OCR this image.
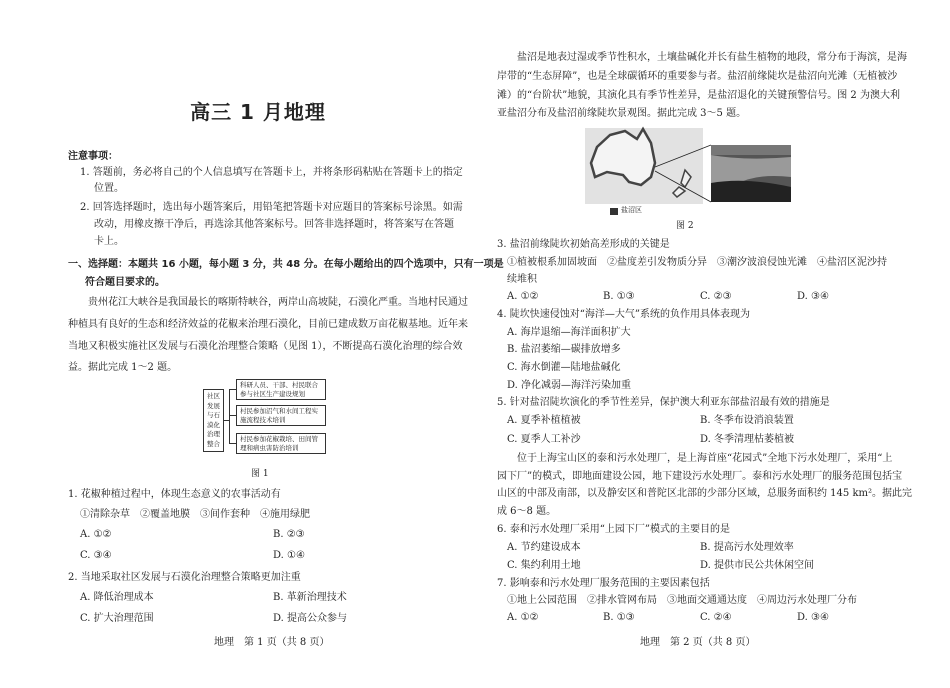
高三 1 月地理
注意事项：
1. 答题前，务必将自己的个人信息填写在答题卡上，并将条形码粘贴在答题卡上的指定
位置。
2. 回答选择题时，选出每小题答案后，用铅笔把答题卡对应题目的答案标号涂黑。如需
改动，用橡皮擦干净后，再选涂其他答案标号。回答非选择题时，将答案写在答题
卡上。
一、选择题：本题共 16 小题，每小题 3 分，共 48 分。在每小题给出的四个选项中，只有一项是
符合题目要求的。
贵州花江大峡谷是我国最长的喀斯特峡谷，两岸山高坡陡，石漠化严重。当地村民通过
种植具有良好的生态和经济效益的花椒来治理石漠化，目前已建成数万亩花椒基地。近年来
当地又积极实施社区发展与石漠化治理整合策略（见图 1），不断提高石漠化治理的综合效
益。据此完成 1～2 题。
社区发展与石漠化治理整合
科研人员、干部、村民联合参与社区生产建设规划
村民参加沼气和水间工程实施流程技术培训
村民参加花椒栽培、田间管理和病虫害防治培训
图 1
1. 花椒种植过程中，体现生态意义的农事活动有
①清除杂草　②覆盖地膜　③间作套种　④施用绿肥
A. ①②	B. ②③
C. ③④	D. ①④
2. 当地采取社区发展与石漠化治理整合策略更加注重
A. 降低治理成本	B. 革新治理技术
C. 扩大治理范围	D. 提高公众参与
地理　第 1 页（共 8 页）
盐沼是地表过湿或季节性积水，土壤盐碱化并长有盐生植物的地段，常分布于海滨，是海
岸带的“生态屏障”，也是全球碳循环的重要参与者。盐沼前缘陡坎是盐沼向光滩（无植被沙
滩）的“台阶状”地貌，其演化具有季节性差异，是盐沼退化的关键预警信号。图 2 为澳大利
亚盐沼分布及盐沼前缘陡坎景观图。据此完成 3～5 题。
盐沼区
图 2
3. 盐沼前缘陡坎初始高差形成的关键是
①植被根系加固坡面　②盐度差引发物质分异　③潮汐波浪侵蚀光滩　④盐沼区泥沙持
续堆积
A. ①②	B. ①③	C. ②③	D. ③④
4. 陡坎快速侵蚀对“海洋—大气”系统的负作用具体表现为
A. 海岸退缩—海洋面积扩大
B. 盐沼萎缩—碳排放增多
C. 海水倒灌—陆地盐碱化
D. 净化减弱—海洋污染加重
5. 针对盐沼陡坎演化的季节性差异，保护澳大利亚东部盐沼最有效的措施是
A. 夏季补植植被	B. 冬季布设消浪装置
C. 夏季人工补沙	D. 冬季清理枯萎植被
位于上海宝山区的泰和污水处理厂，是上海首座“花园式”全地下污水处理厂，采用“上
园下厂”的模式，即地面建设公园，地下建设污水处理厂。泰和污水处理厂的服务范围包括宝
山区的中部及南部，以及静安区和普陀区北部的少部分区域，总服务面积约 145 km²。据此完
成 6～8 题。
6. 泰和污水处理厂采用“上园下厂”模式的主要目的是
A. 节约建设成本	B. 提高污水处理效率
C. 集约利用土地	D. 提供市民公共休闲空间
7. 影响泰和污水处理厂服务范围的主要因素包括
①地上公园范围　②排水管网布局　③地面交通通达度　④周边污水处理厂分布
A. ①②	B. ①③	C. ②④	D. ③④
地理　第 2 页（共 8 页）
